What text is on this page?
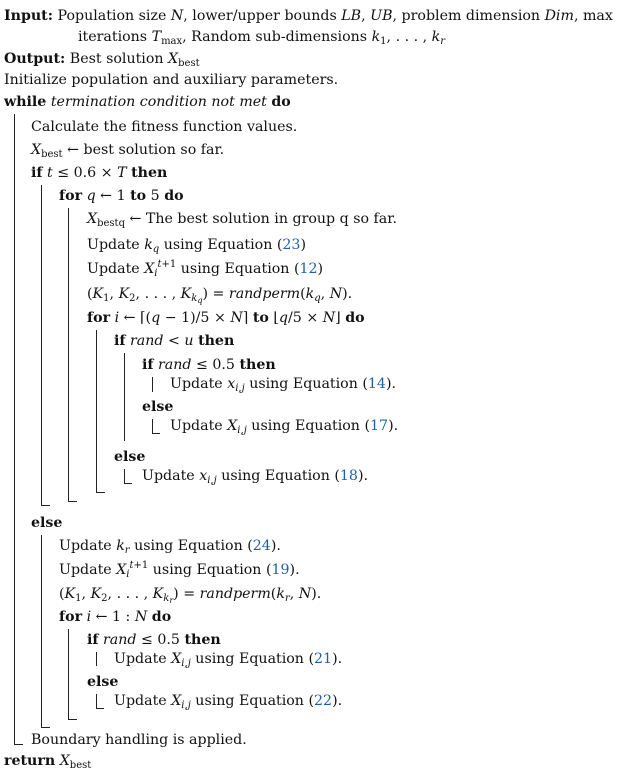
Input: Population size N, lower/upper bounds LB, UB, problem dimension Dim, max
iterations $T_{max}$, Random sub-dimensions $k_1$, . . . , $k_r$
Output: Best solution $X_{best}$
Initialize population and auxiliary parameters.
while termination condition not met do
Calculate the fitness function values.
$X_{best}$ ← best solution so far.
if t ≤ 0.6 × T then
for q ← 1 to 5 do
$X_{bestq}$ ← The best solution in group q so far.
Update $k_q$ using Equation (23)
Update $X_i^{t+1}$ using Equation (12)
($K_1$, $K_2$, . . . , $K_{k_q}$) = $randperm(k_q$, N).
for i ← ⌈(q − 1)/5 × N⌉ to ⌊q/5 × N⌋ do
if rand < u then
if rand ≤ 0.5 then
Update $x_{i,j}$ using Equation (14).
else
Update $X_{i,j}$ using Equation (17).
else
Update $x_{i,j}$ using Equation (18).
else
Update $k_r$ using Equation (24).
Update $X_i^{t+1}$ using Equation (19).
($K_1$, $K_2$, . . . , $K_{k_r}$) = $randperm(k_r$, N).
for i ← 1 : N do
if rand ≤ 0.5 then
Update $X_{i,j}$ using Equation (21).
else
Update $X_{i,j}$ using Equation (22).
Boundary handling is applied.
return $X_{best}$
